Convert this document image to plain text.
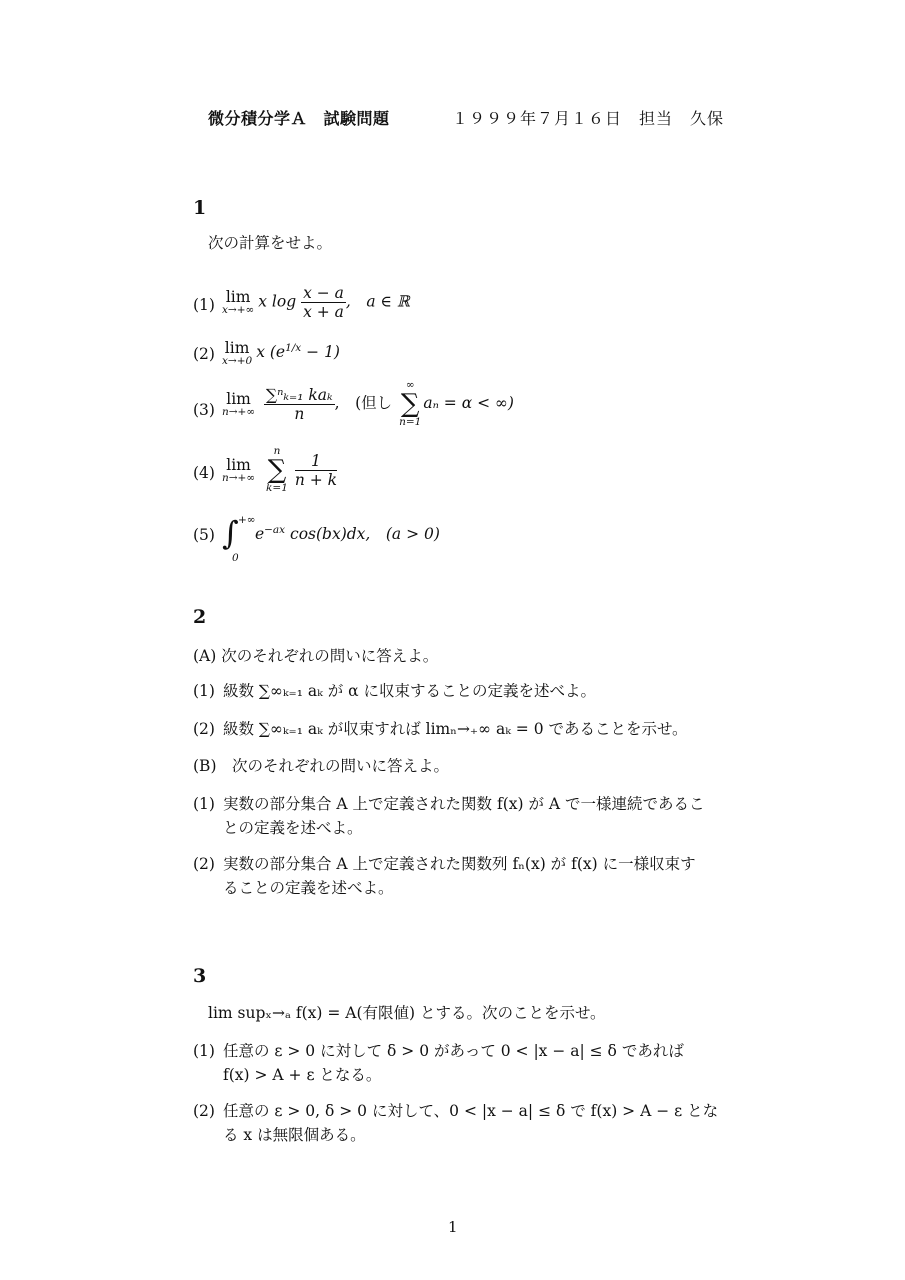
微分積分学Ａ　試験問題	１９９９年７月１６日　担当　久保
1
次の計算をせよ。
(1) lim
x→+∞ x $\log \frac{x - a}{x + a}$ ,　a ∈ ℝ
(2) lim
x→+0 x $(e^{1/x} - 1)$
(3)
lim
n→+∞
$\frac{\text{∑ⁿₖ₌₁ kaₖ}}{n}$ ,　(但し
∞
∑
n=1
aₙ = α < ∞)
(4) lim
n→+∞

n
∑
k=1
$\frac{1}{n + k}$
(5) ∫ +∞
0
$e^{-ax}$ cos(bx)dx,　(a > 0)
2
(A) 次のそれぞれの問いに答えよ。
(1) 級数 ∑∞ₖ₌₁ aₖ が α に収束することの定義を述べよ。
(2) 級数 ∑∞ₖ₌₁ aₖ が収束すれば limₙ→₊∞ aₖ = 0 であることを示せ。
(B)　次のそれぞれの問いに答えよ。
(1) 実数の部分集合 A 上で定義された関数 f(x) が A で一様連続であるこ
との定義を述べよ。
(2) 実数の部分集合 A 上で定義された関数列 fₙ(x) が f(x) に一様収束す
ることの定義を述べよ。
3
lim supₓ→ₐ f(x) = A(有限値) とする。次のことを示せ。
(1) 任意の ε > 0 に対して δ > 0 があって 0 < |x − a| ≤ δ であれば
f(x) > A + ε となる。
(2) 任意の ε > 0, δ > 0 に対して、0 < |x − a| ≤ δ で f(x) > A − ε とな
る x は無限個ある。
1
